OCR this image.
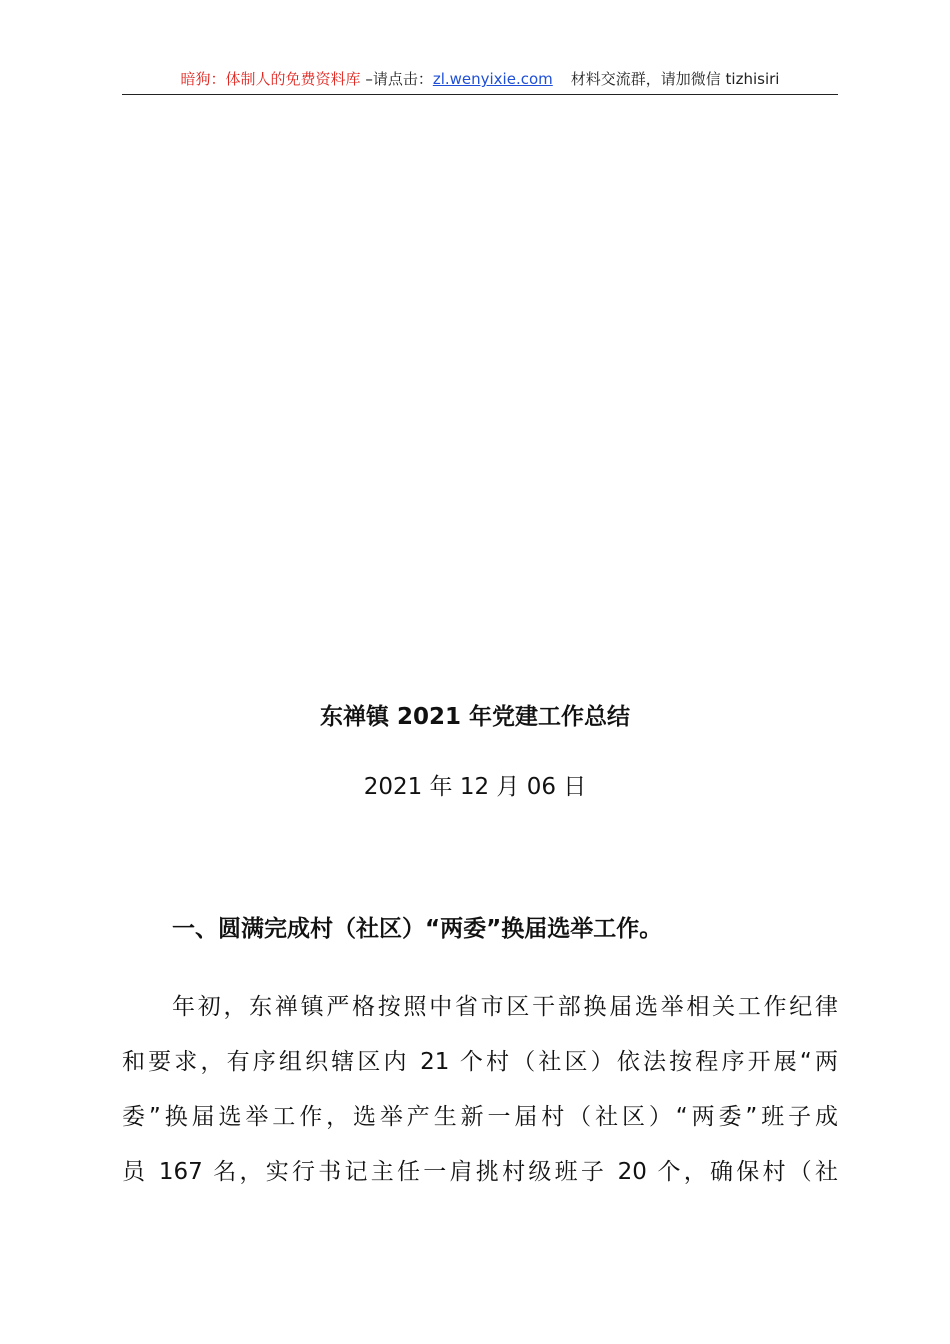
暗狗：体制人的免费资料库 –请点击：zl.wenyixie.com 材料交流群，请加微信 tizhisiri
东禅镇 2021 年党建工作总结
2021 年 12 月 06 日
一、圆满完成村（社区）“两委”换届选举工作。
年初，东禅镇严格按照中省市区干部换届选举相关工作纪律
和要求，有序组织辖区内 21 个村（社区）依法按程序开展“两
委”换届选举工作，选举产生新一届村（社区）“两委”班子成
员 167 名，实行书记主任一肩挑村级班子 20 个，确保村（社
